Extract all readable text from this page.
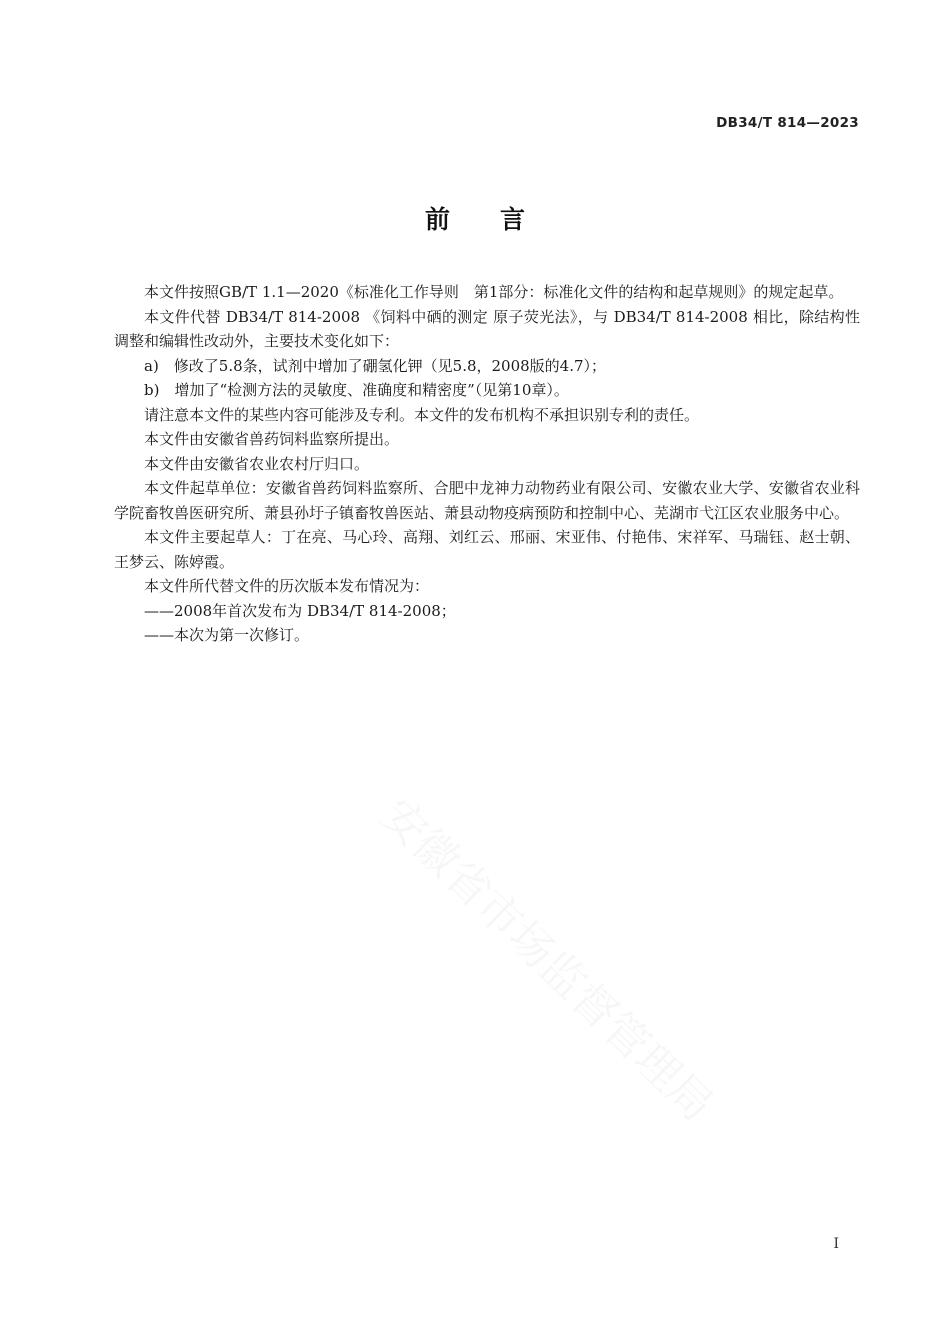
DB34/T 814—2023
前言

本文件按照GB/T 1.1—2020《标准化工作导则　第1部分：标准化文件的结构和起草规则》的规定起草。

本文件代替 DB34/T 814-2008 《饲料中硒的测定 原子荧光法》，与 DB34/T 814-2008 相比，除结构性调整和编辑性改动外，主要技术变化如下：

a)　修改了5.8条，试剂中增加了硼氢化钾（见5.8，2008版的4.7）；

b)　增加了“检测方法的灵敏度、准确度和精密度”（见第10章）。

请注意本文件的某些内容可能涉及专利。本文件的发布机构不承担识别专利的责任。

本文件由安徽省兽药饲料监察所提出。

本文件由安徽省农业农村厅归口。

本文件起草单位：安徽省兽药饲料监察所、合肥中龙神力动物药业有限公司、安徽农业大学、安徽省农业科学院畜牧兽医研究所、萧县孙圩子镇畜牧兽医站、萧县动物疫病预防和控制中心、芜湖市弋江区农业服务中心。

本文件主要起草人：丁在亮、马心玲、高翔、刘红云、邢丽、宋亚伟、付艳伟、宋祥军、马瑞钰、赵士朝、王梦云、陈婷霞。

本文件所代替文件的历次版本发布情况为：

——2008年首次发布为 DB34/T 814-2008；

——本次为第一次修订。

I
